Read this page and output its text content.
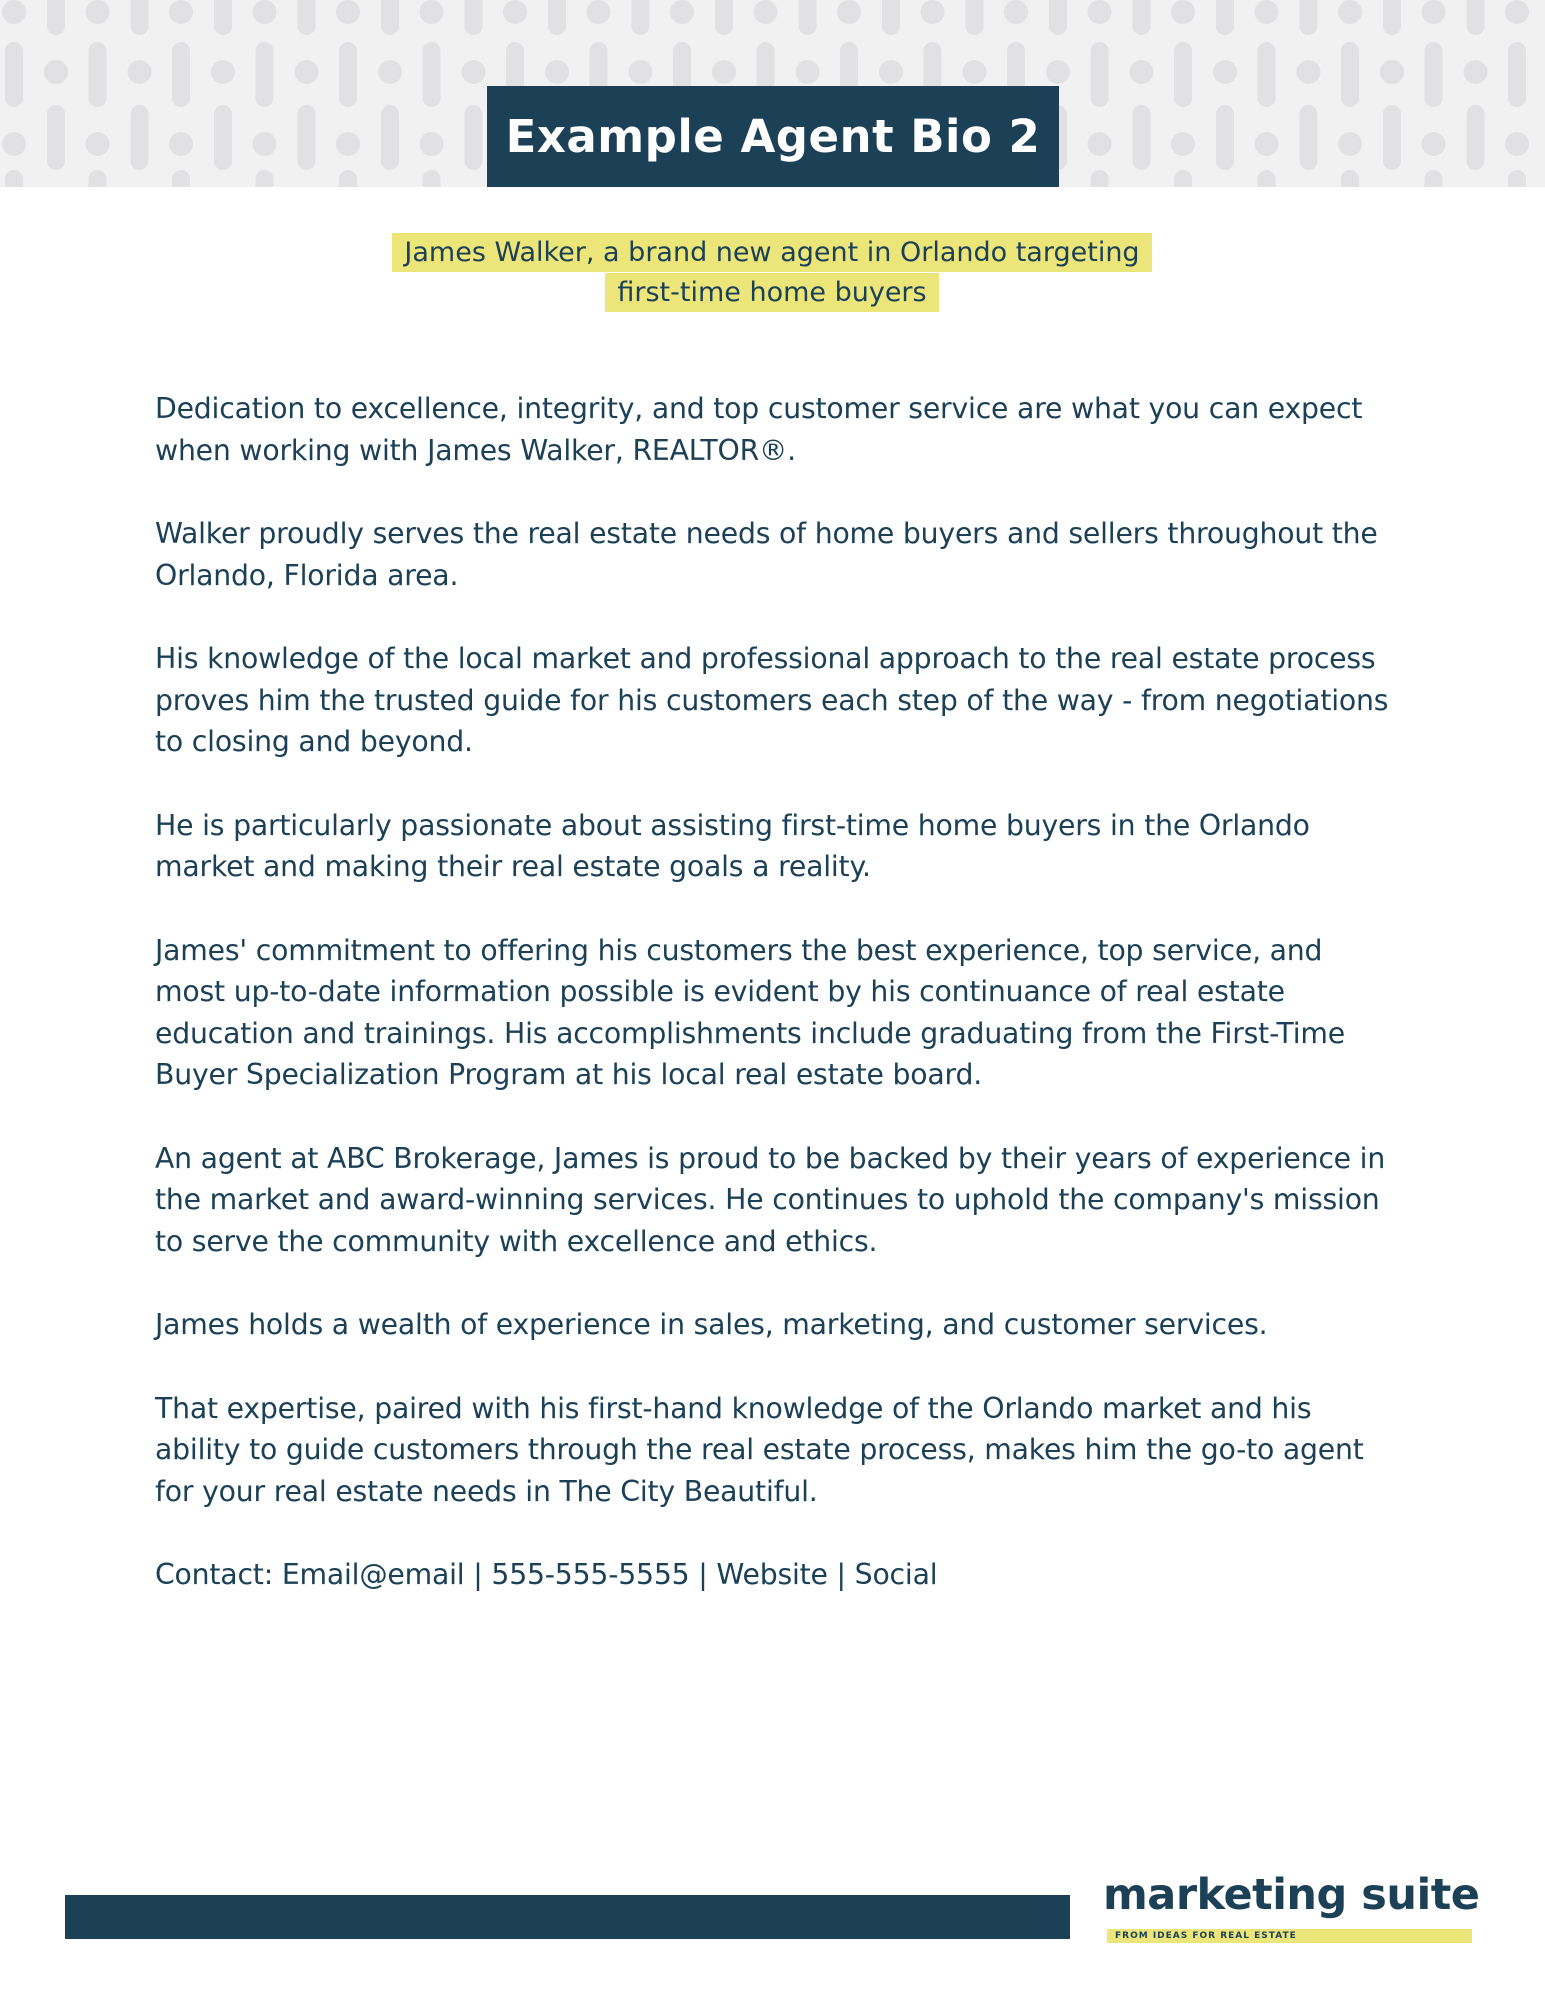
Example Agent Bio 2
James Walker, a brand new agent in Orlando targeting
first-time home buyers

Dedication to excellence, integrity, and top customer service are what you can expect when working with James Walker, REALTOR®.

Walker proudly serves the real estate needs of home buyers and sellers throughout the Orlando, Florida area.

His knowledge of the local market and professional approach to the real estate process proves him the trusted guide for his customers each step of the way - from negotiations to closing and beyond.

He is particularly passionate about assisting first-time home buyers in the Orlando market and making their real estate goals a reality.

James' commitment to offering his customers the best experience, top service, and most up-to-date information possible is evident by his continuance of real estate education and trainings. His accomplishments include graduating from the First-Time Buyer Specialization Program at his local real estate board.

An agent at ABC Brokerage, James is proud to be backed by their years of experience in the market and award-winning services. He continues to uphold the company's mission to serve the community with excellence and ethics.

James holds a wealth of experience in sales, marketing, and customer services.

That expertise, paired with his first-hand knowledge of the Orlando market and his ability to guide customers through the real estate process, makes him the go-to agent for your real estate needs in The City Beautiful.

Contact: Email@email | 555-555-5555 | Website | Social

FROM IDEAS FOR REAL ESTATE
marketing suite
